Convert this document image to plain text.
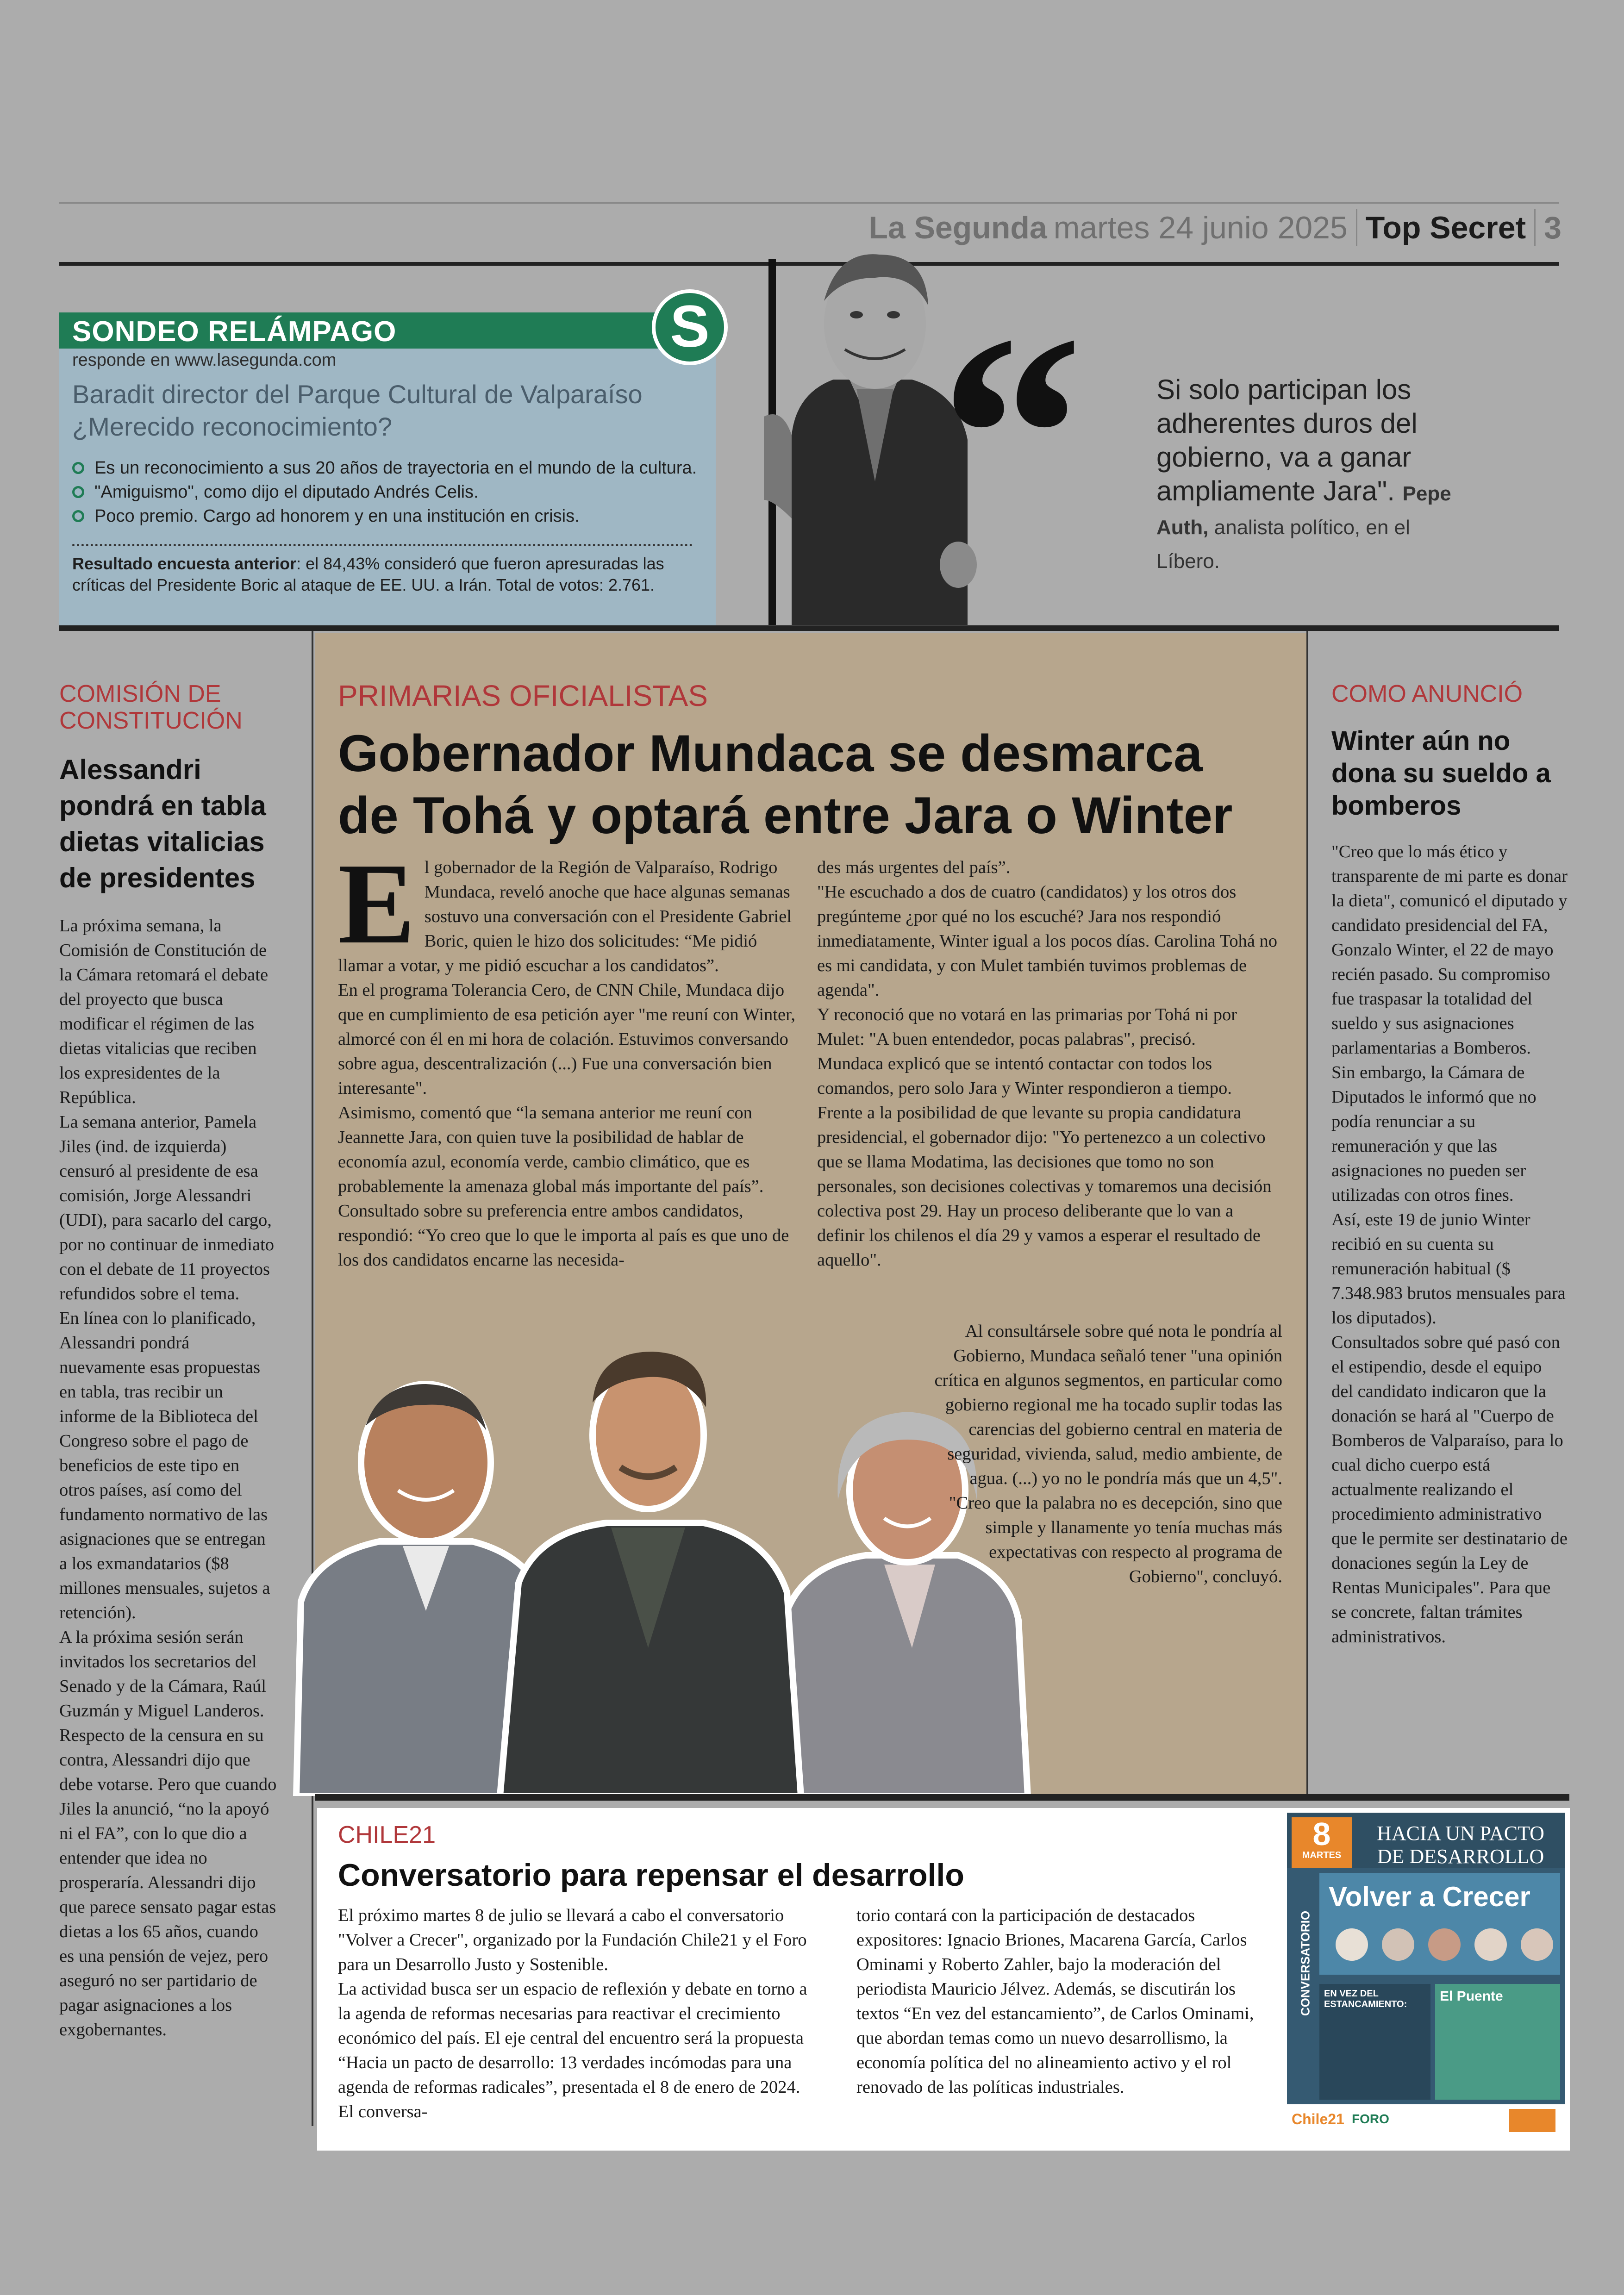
La Segunda martes 24 junio 2025 Top Secret 3
SONDEO RELÁMPAGO
responde en www.lasegunda.com
Baradit director del Parque Cultural de Valparaíso ¿Merecido reconocimiento?
Es un reconocimiento a sus 20 años de trayectoria en el mundo de la cultura.
"Amiguismo", como dijo el diputado Andrés Celis.
Poco premio. Cargo ad honorem y en una institución en crisis.
Resultado encuesta anterior: el 84,43% consideró que fueron apresuradas las críticas del Presidente Boric al ataque de EE. UU. a Irán. Total de votos: 2.761.
S “	Si solo participan los adherentes duros del gobierno, va a ganar ampliamente Jara". Pepe Auth, analista político, en el Líbero.
COMISIÓN DE CONSTITUCIÓN
Alessandri pondrá en tabla dietas vitalicias de presidentes

La próxima semana, la Comisión de Constitución de la Cámara retomará el debate del proyecto que busca modificar el régimen de las dietas vitalicias que reciben los expresidentes de la República.

La semana anterior, Pamela Jiles (ind. de izquierda) censuró al presidente de esa comisión, Jorge Alessandri (UDI), para sacarlo del cargo, por no continuar de inmediato con el debate de 11 proyectos refundidos sobre el tema.

En línea con lo planificado, Alessandri pondrá nuevamente esas propuestas en tabla, tras recibir un informe de la Biblioteca del Congreso sobre el pago de beneficios de este tipo en otros países, así como del fundamento normativo de las asignaciones que se entregan a los exmandatarios ($8 millones mensuales, sujetos a retención).

A la próxima sesión serán invitados los secretarios del Senado y de la Cámara, Raúl Guzmán y Miguel Landeros.

Respecto de la censura en su contra, Alessandri dijo que debe votarse. Pero que cuando Jiles la anunció, “no la apoyó ni el FA”, con lo que dio a entender que idea no prosperaría. Alessandri dijo que parece sensato pagar estas dietas a los 65 años, cuando es una pensión de vejez, pero aseguró no ser partidario de pagar asignaciones a los exgobernantes.

PRIMARIAS OFICIALISTAS
Gobernador Mundaca se desmarca de Tohá y optará entre Jara o Winter
E l gobernador de la Región de Valparaíso, Rodrigo Mundaca, reveló anoche que hace algunas semanas sostuvo una conversación con el Presidente Gabriel Boric, quien le hizo dos solicitudes: “Me pidió llamar a votar, y me pidió escuchar a los candidatos”.

En el programa Tolerancia Cero, de CNN Chile, Mundaca dijo que en cumplimiento de esa petición ayer "me reuní con Winter, almorcé con él en mi hora de colación. Estuvimos conversando sobre agua, descentralización (...) Fue una conversación bien interesante".

Asimismo, comentó que “la semana anterior me reuní con Jeannette Jara, con quien tuve la posibilidad de hablar de economía azul, economía verde, cambio climático, que es probablemente la amenaza global más importante del país”.

Consultado sobre su preferencia entre ambos candidatos, respondió: “Yo creo que lo que le importa al país es que uno de los dos candidatos encarne las necesida-

des más urgentes del país”.

"He escuchado a dos de cuatro (candidatos) y los otros dos pregúnteme ¿por qué no los escuché? Jara nos respondió inmediatamente, Winter igual a los pocos días. Carolina Tohá no es mi candidata, y con Mulet también tuvimos problemas de agenda".

Y reconoció que no votará en las primarias por Tohá ni por Mulet: "A buen entendedor, pocas palabras", precisó.

Mundaca explicó que se intentó contactar con todos los comandos, pero solo Jara y Winter respondieron a tiempo.

Frente a la posibilidad de que levante su propia candidatura presidencial, el gobernador dijo: "Yo pertenezco a un colectivo que se llama Modatima, las decisiones que tomo no son personales, son decisiones colectivas y tomaremos una decisión colectiva post 29. Hay un proceso deliberante que lo van a definir los chilenos el día 29 y vamos a esperar el resultado de aquello".

Al consultársele sobre qué nota le pondría al Gobierno, Mundaca señaló tener "una opinión crítica en algunos segmentos, en particular como gobierno regional me ha tocado suplir todas las carencias del gobierno central en materia de seguridad, vivienda, salud, medio ambiente, de agua. (...) yo no le pondría más que un 4,5".

"Creo que la palabra no es decepción, sino que simple y llanamente yo tenía muchas más expectativas con respecto al programa de Gobierno", concluyó.

COMO ANUNCIÓ
Winter aún no dona su sueldo a bomberos

"Creo que lo más ético y transparente de mi parte es donar la dieta", comunicó el diputado y candidato presidencial del FA, Gonzalo Winter, el 22 de mayo recién pasado. Su compromiso fue traspasar la totalidad del sueldo y sus asignaciones parlamentarias a Bomberos.

Sin embargo, la Cámara de Diputados le informó que no podía renunciar a su remuneración y que las asignaciones no pueden ser utilizadas con otros fines.

Así, este 19 de junio Winter recibió en su cuenta su remuneración habitual ($ 7.348.983 brutos mensuales para los diputados).

Consultados sobre qué pasó con el estipendio, desde el equipo del candidato indicaron que la donación se hará al "Cuerpo de Bomberos de Valparaíso, para lo cual dicho cuerpo está actualmente realizando el procedimiento administrativo que le permite ser destinatario de donaciones según la Ley de Rentas Municipales". Para que se concrete, faltan trámites administrativos.

CHILE21
Conversatorio para repensar el desarrollo

El próximo martes 8 de julio se llevará a cabo el conversatorio "Volver a Crecer", organizado por la Fundación Chile21 y el Foro para un Desarrollo Justo y Sostenible.

La actividad busca ser un espacio de reflexión y debate en torno a la agenda de reformas necesarias para reactivar el crecimiento económico del país. El eje central del encuentro será la propuesta “Hacia un pacto de desarrollo: 13 verdades incómodas para una agenda de reformas radicales”, presentada el 8 de enero de 2024. El conversa-

torio contará con la participación de destacados expositores: Ignacio Briones, Macarena García, Carlos Ominami y Roberto Zahler, bajo la moderación del periodista Mauricio Jélvez. Además, se discutirán los textos “En vez del estancamiento”, de Carlos Ominami, que abordan temas como un nuevo desarrollismo, la economía política del no alineamiento activo y el rol renovado de las políticas industriales.

8
MARTES
HACIA UN PACTO DE DESARROLLO
CONVERSATORIO
Volver a Crecer
EN VEZ DEL ESTANCAMIENTO:
El Puente
Chile21 FORO
